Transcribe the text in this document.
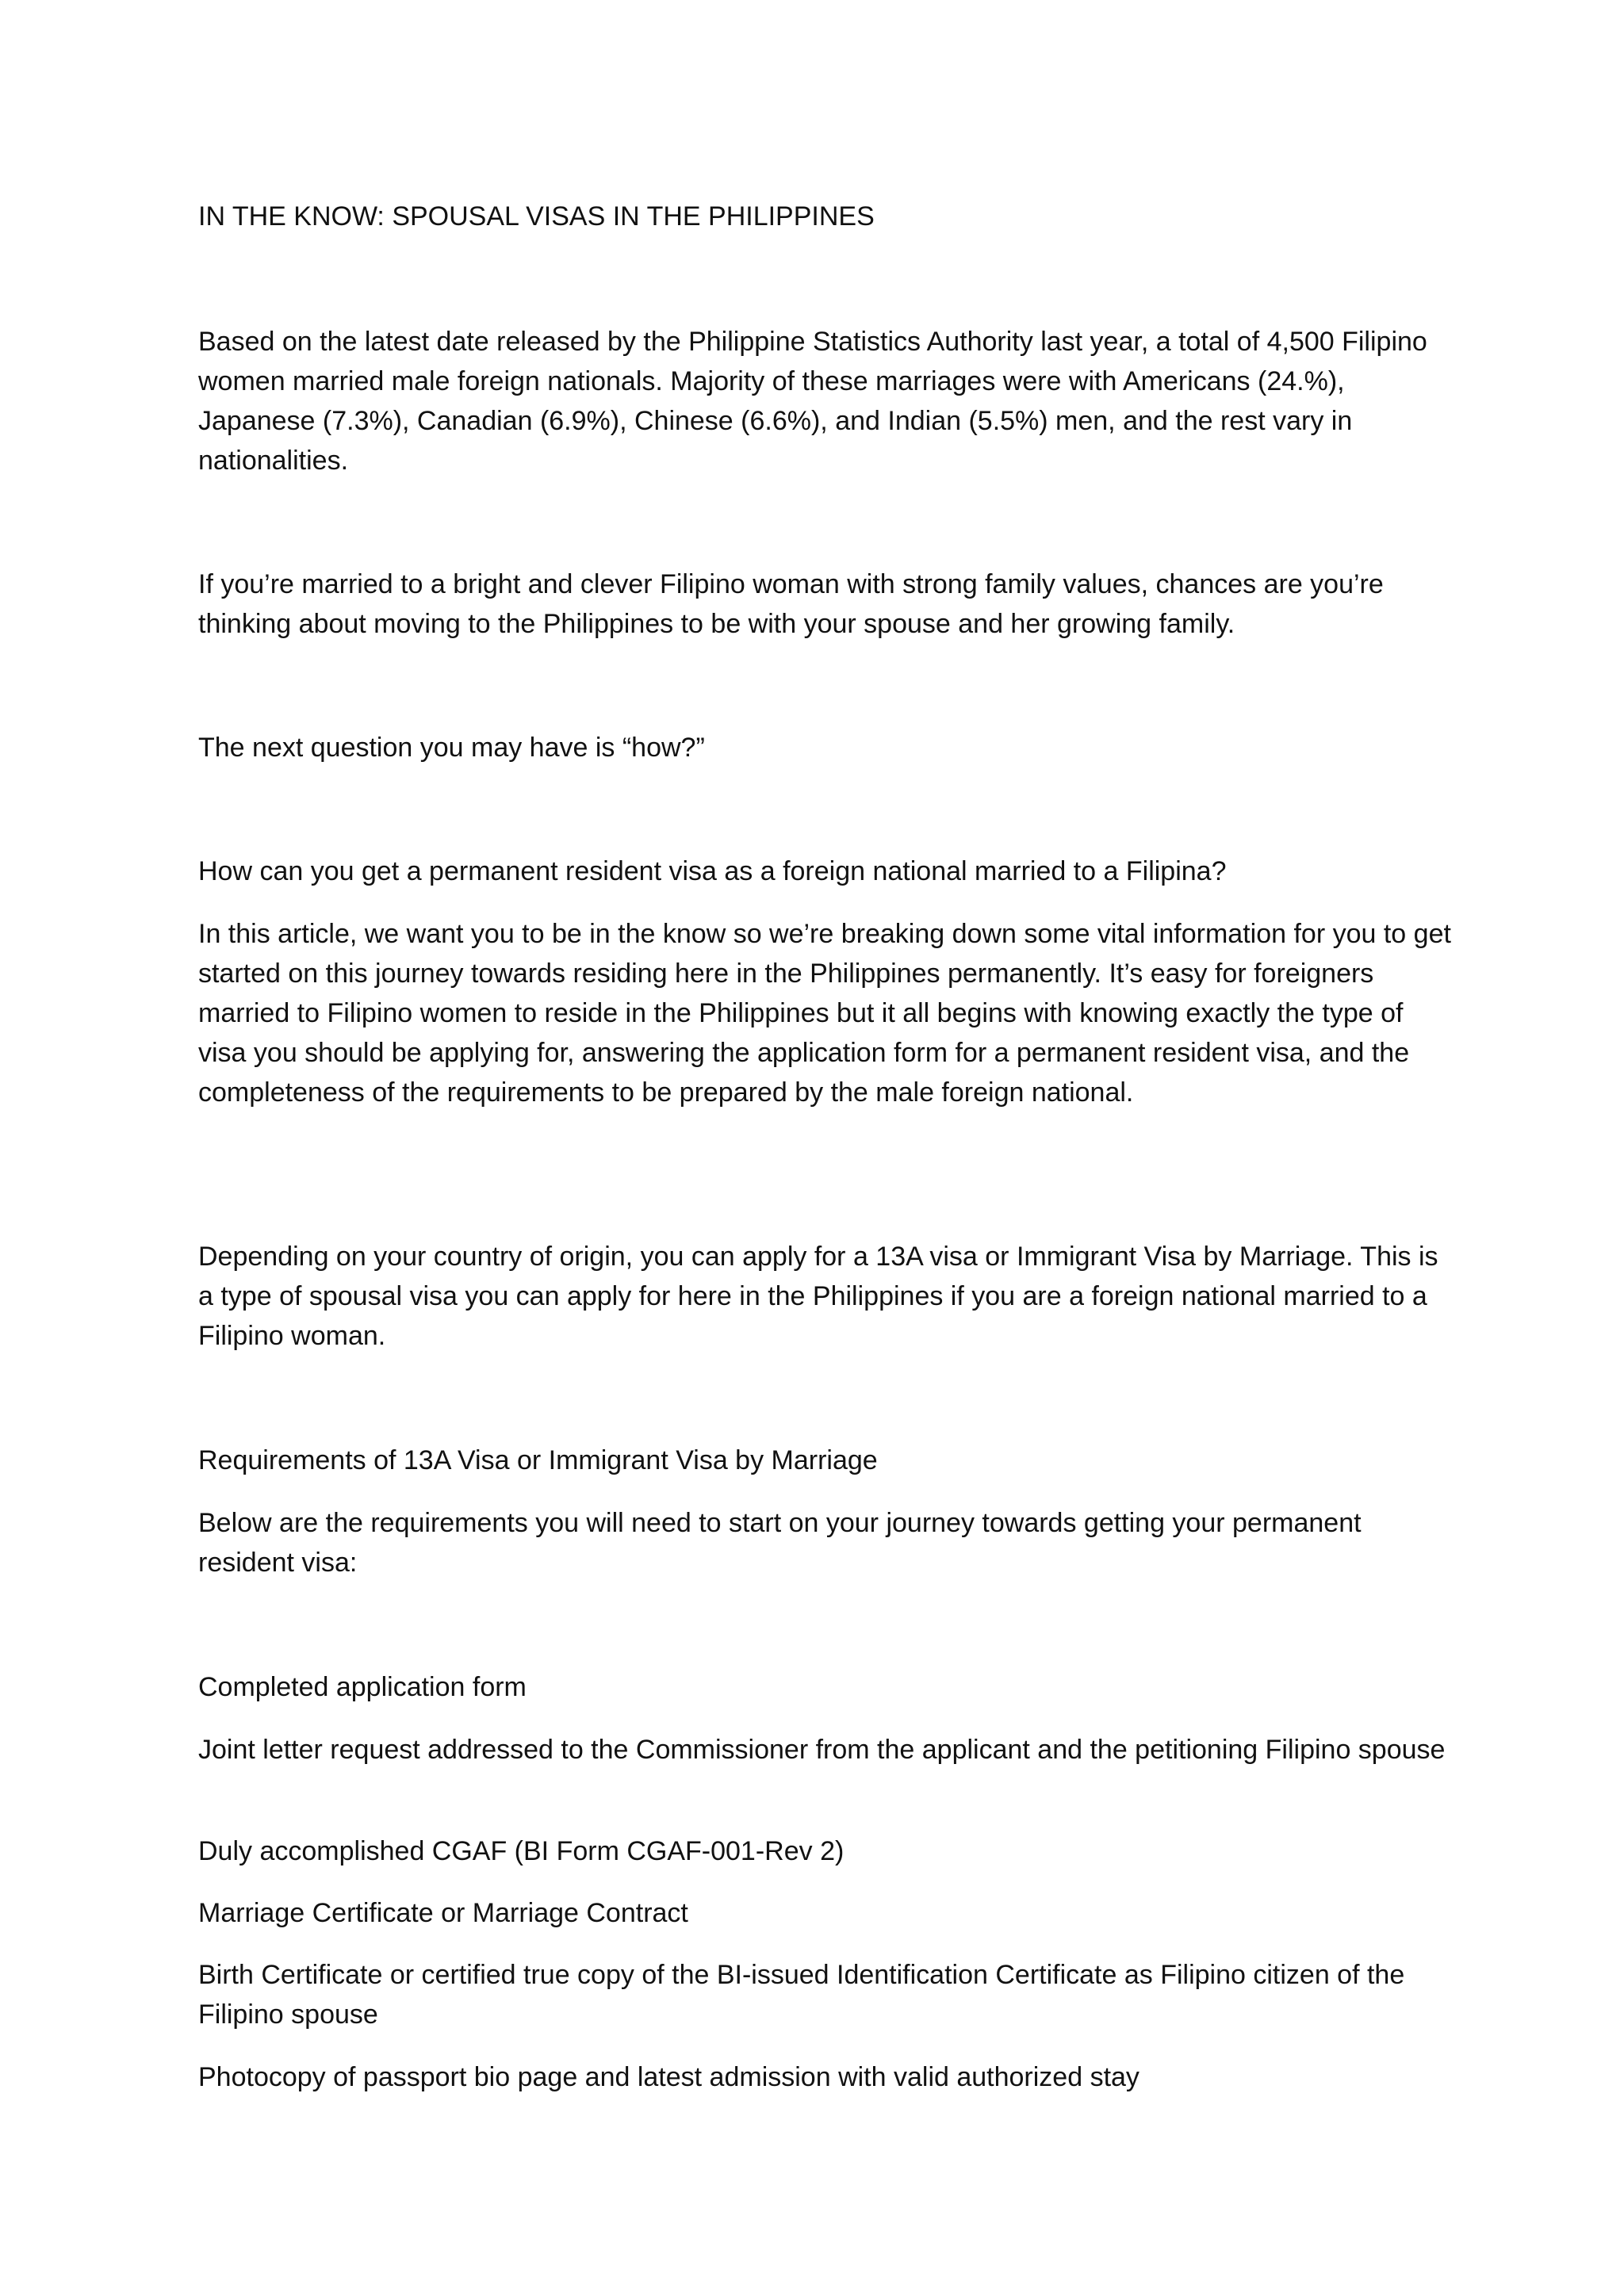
IN THE KNOW: SPOUSAL VISAS IN THE PHILIPPINES

Based on the latest date released by the Philippine Statistics Authority last year, a total of 4,500 Filipino women married male foreign nationals. Majority of these marriages were with Americans (24.%), Japanese (7.3%), Canadian (6.9%), Chinese (6.6%), and Indian (5.5%) men, and the rest vary in nationalities.

If you’re married to a bright and clever Filipino woman with strong family values, chances are you’re thinking about moving to the Philippines to be with your spouse and her growing family.

The next question you may have is “how?”

How can you get a permanent resident visa as a foreign national married to a Filipina?

In this article, we want you to be in the know so we’re breaking down some vital information for you to get started on this journey towards residing here in the Philippines permanently. It’s easy for foreigners married to Filipino women to reside in the Philippines but it all begins with knowing exactly the type of visa you should be applying for, answering the application form for a permanent resident visa, and the completeness of the requirements to be prepared by the male foreign national.

Depending on your country of origin, you can apply for a 13A visa or Immigrant Visa by Marriage. This is a type of spousal visa you can apply for here in the Philippines if you are a foreign national married to a Filipino woman.

Requirements of 13A Visa or Immigrant Visa by Marriage

Below are the requirements you will need to start on your journey towards getting your permanent resident visa:

Completed application form

Joint letter request addressed to the Commissioner from the applicant and the petitioning Filipino spouse

Duly accomplished CGAF (BI Form CGAF-001-Rev 2)

Marriage Certificate or Marriage Contract

Birth Certificate or certified true copy of the BI-issued Identification Certificate as Filipino citizen of the Filipino spouse

Photocopy of passport bio page and latest admission with valid authorized stay
